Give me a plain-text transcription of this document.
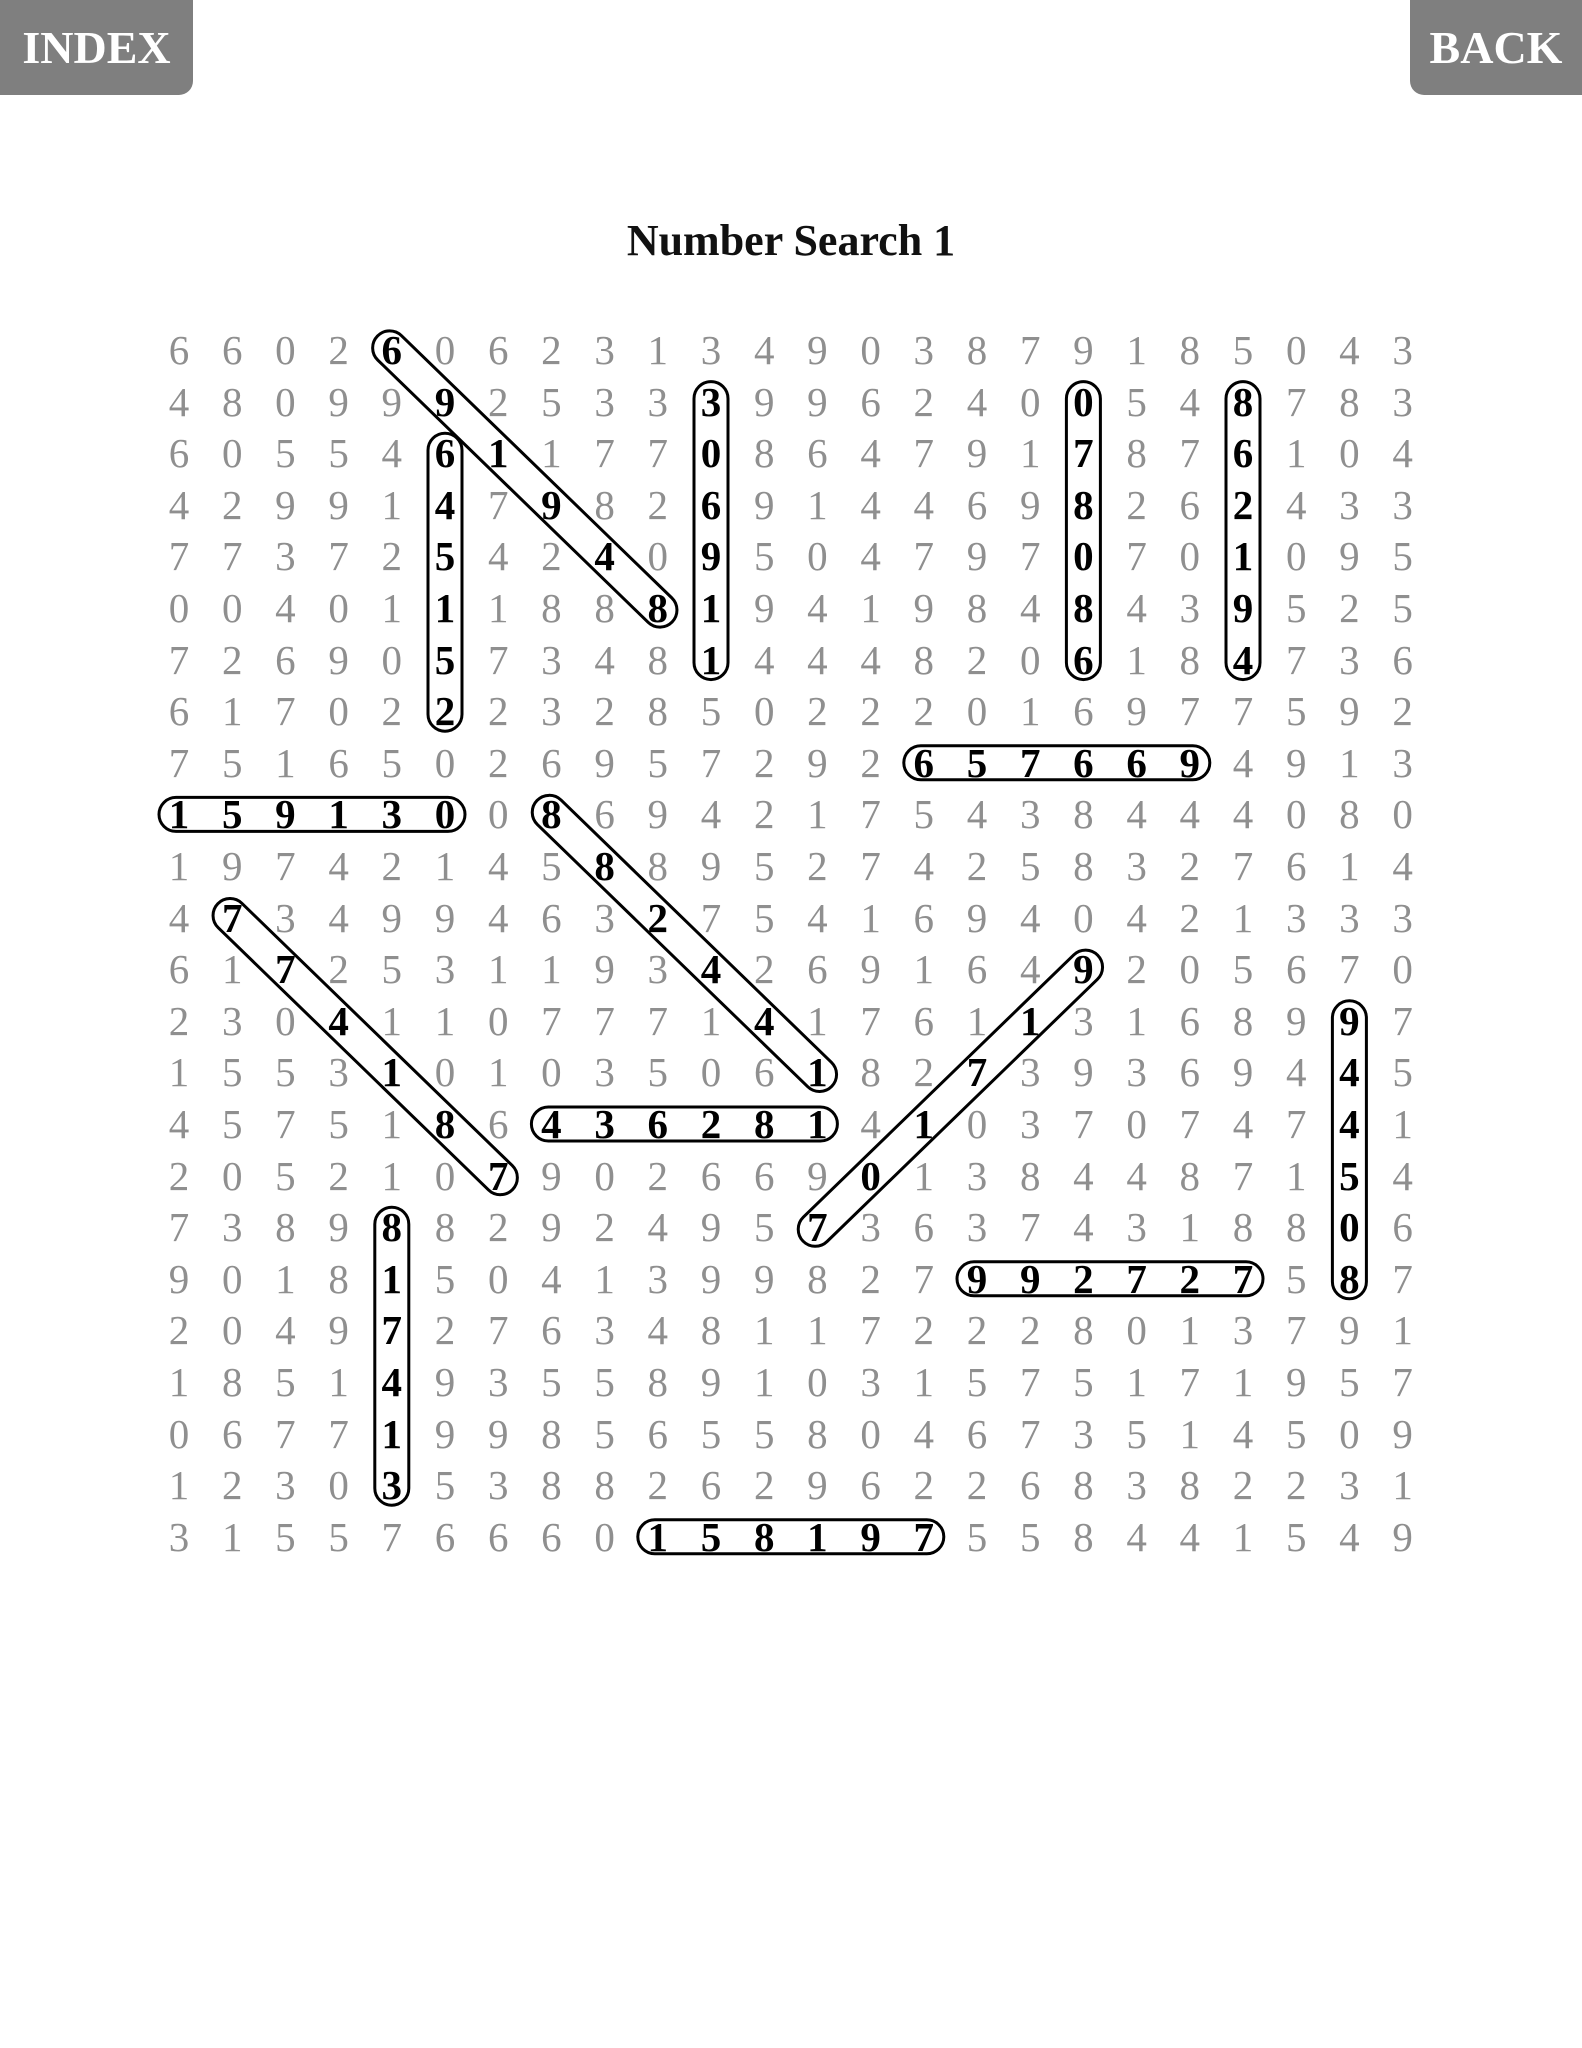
INDEX	BACK
Number Search 1
6 6 0 2 6 0 6 2 3 1 3 4 9 0 3 8 7 9 1 8 5 0 4 3
4 8 0 9 9 9 2 5 3 3 3 9 9 6 2 4 0 0 5 4 8 7 8 3
6 0 5 5 4 6 1 1 7 7 0 8 6 4 7 9 1 7 8 7 6 1 0 4
4 2 9 9 1 4 7 9 8 2 6 9 1 4 4 6 9 8 2 6 2 4 3 3
7 7 3 7 2 5 4 2 4 0 9 5 0 4 7 9 7 0 7 0 1 0 9 5
0 0 4 0 1 1 1 8 8 8 1 9 4 1 9 8 4 8 4 3 9 5 2 5
7 2 6 9 0 5 7 3 4 8 1 4 4 4 8 2 0 6 1 8 4 7 3 6
6 1 7 0 2 2 2 3 2 8 5 0 2 2 2 0 1 6 9 7 7 5 9 2
7 5 1 6 5 0 2 6 9 5 7 2 9 2 6 5 7 6 6 9 4 9 1 3
1 5 9 1 3 0 0 8 6 9 4 2 1 7 5 4 3 8 4 4 4 0 8 0
1 9 7 4 2 1 4 5 8 8 9 5 2 7 4 2 5 8 3 2 7 6 1 4
4 7 3 4 9 9 4 6 3 2 7 5 4 1 6 9 4 0 4 2 1 3 3 3
6 1 7 2 5 3 1 1 9 3 4 2 6 9 1 6 4 9 2 0 5 6 7 0
2 3 0 4 1 1 0 7 7 7 1 4 1 7 6 1 1 3 1 6 8 9 9 7
1 5 5 3 1 0 1 0 3 5 0 6 1 8 2 7 3 9 3 6 9 4 4 5
4 5 7 5 1 8 6 4 3 6 2 8 1 4 1 0 3 7 0 7 4 7 4 1
2 0 5 2 1 0 7 9 0 2 6 6 9 0 1 3 8 4 4 8 7 1 5 4
7 3 8 9 8 8 2 9 2 4 9 5 7 3 6 3 7 4 3 1 8 8 0 6
9 0 1 8 1 5 0 4 1 3 9 9 8 2 7 9 9 2 7 2 7 5 8 7
2 0 4 9 7 2 7 6 3 4 8 1 1 7 2 2 2 8 0 1 3 7 9 1
1 8 5 1 4 9 3 5 5 8 9 1 0 3 1 5 7 5 1 7 1 9 5 7
0 6 7 7 1 9 9 8 5 6 5 5 8 0 4 6 7 3 5 1 4 5 0 9
1 2 3 0 3 5 3 8 8 2 6 2 9 6 2 2 6 8 3 8 2 2 3 1
3 1 5 5 7 6 6 6 0 1 5 8 1 9 7 5 5 8 4 4 1 5 4 9
